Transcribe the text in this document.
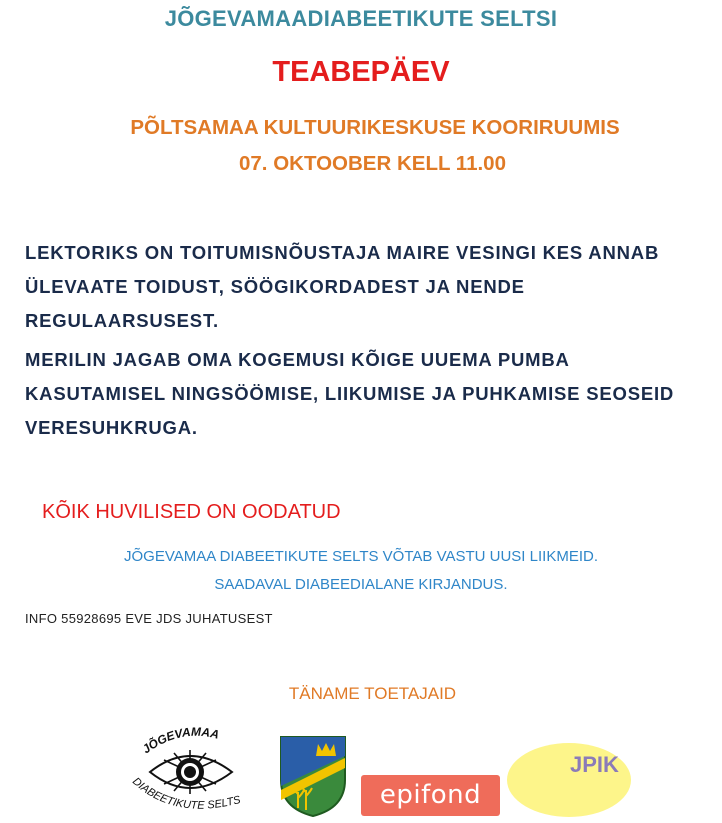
JÕGEVAMAADIABEETIKUTE SELTSI
TEABEPÄEV
PÕLTSAMAA KULTUURIKESKUSE KOORIRUUMIS
07. OKTOOBER KELL 11.00
LEKTORIKS ON TOITUMISNÕUSTAJA MAIRE VESINGI KES ANNAB ÜLEVAATE TOIDUST, SÖÖGIKORDADEST JA NENDE REGULAARSUSEST.
MERILIN JAGAB OMA KOGEMUSI KÕIGE UUEMA PUMBA KASUTAMISEL NINGSÖÖMISE, LIIKUMISE JA PUHKAMISE SEOSEID VERESUHKRUGA.
KÕIK HUVILISED ON OODATUD
JÕGEVAMAA DIABEETIKUTE SELTS VÕTAB VASTU UUSI LIIKMEID.
SAADAVAL DIABEEDIALANE KIRJANDUS.
INFO 55928695 EVE JDS JUHATUSEST
TÄNAME TOETAJAID
JÕGEVAMAA
DIABEETIKUTE SELTS	epifond
JPIK
